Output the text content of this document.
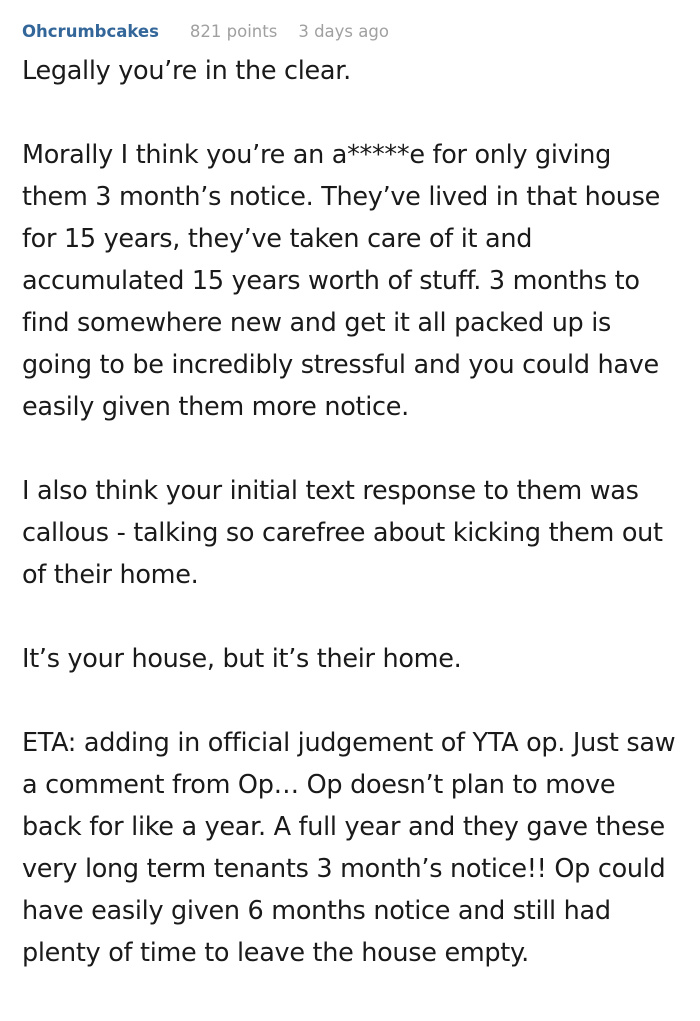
Ohcrumbcakes 821 points 3 days ago

Legally you’re in the clear.

Morally I think you’re an a*****e for only giving them 3 month’s notice. They’ve lived in that house for 15 years, they’ve taken care of it and accumulated 15 years worth of stuff. 3 months to find somewhere new and get it all packed up is going to be incredibly stressful and you could have easily given them more notice.

I also think your initial text response to them was callous - talking so carefree about kicking them out of their home.

It’s your house, but it’s their home.

ETA: adding in official judgement of YTA op. Just saw a comment from Op… Op doesn’t plan to move back for like a year. A full year and they gave these very long term tenants 3 month’s notice!! Op could have easily given 6 months notice and still had plenty of time to leave the house empty.
